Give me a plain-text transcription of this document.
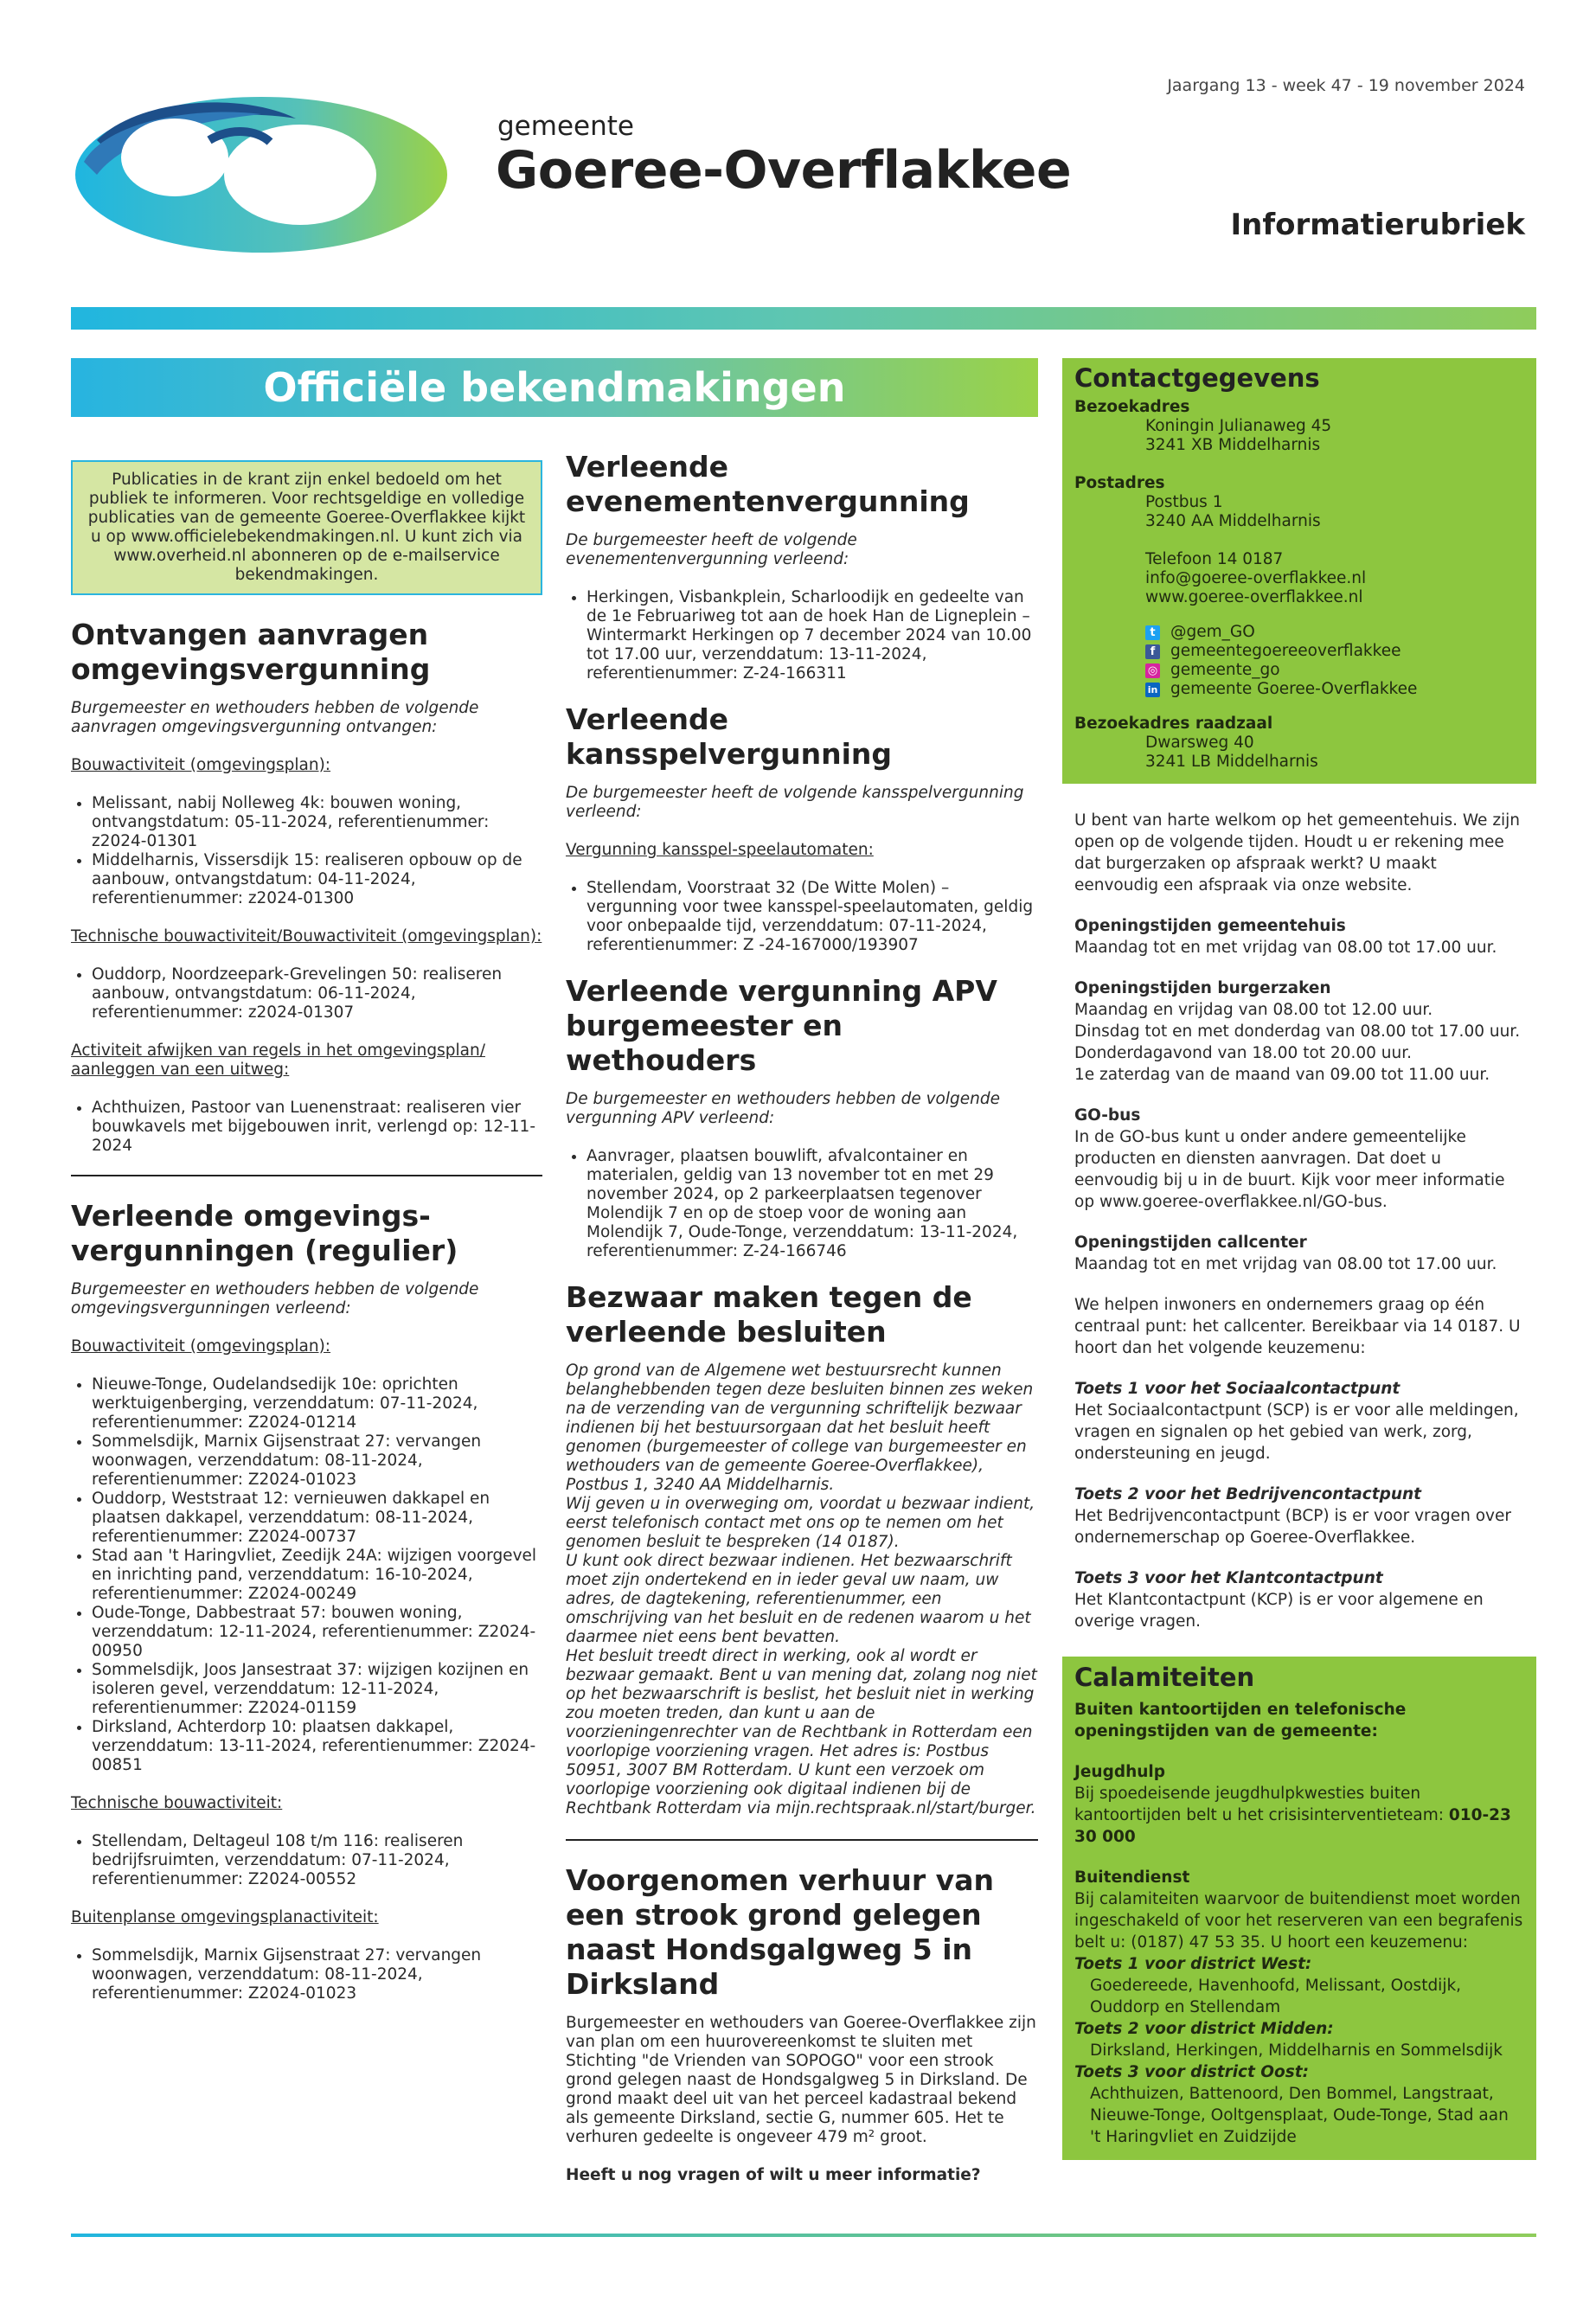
Jaargang 13 - week 47 - 19 november 2024
gemeente
Goeree-Overflakkee
Informatierubriek
Officiële bekendmakingen
Publicaties in de krant zijn enkel bedoeld om het publiek te informeren. Voor rechtsgeldige en volledige publicaties van de gemeente Goeree-Overflakkee kijkt u op www.officielebekendmakingen.nl. U kunt zich via www.overheid.nl abonneren op de e-mailservice bekendmakingen.
Ontvangen aanvragen omgevingsvergunning

Burgemeester en wethouders hebben de volgende aanvragen omgevingsvergunning ontvangen:

Bouwactiviteit (omgevingsplan):

• Melissant, nabij Nolleweg 4k: bouwen woning, ontvangstdatum: 05-11-2024, referentienummer: z2024-01301
• Middelharnis, Vissersdijk 15: realiseren opbouw op de aanbouw, ontvangstdatum: 04-11-2024, referentienummer: z2024-01300

Technische bouwactiviteit/Bouwactiviteit (omgevingsplan):

• Ouddorp, Noordzeepark-Grevelingen 50: realiseren aanbouw, ontvangstdatum: 06-11-2024, referentienummer: z2024-01307

Activiteit afwijken van regels in het omgevingsplan/ aanleggen van een uitweg:

• Achthuizen, Pastoor van Luenenstraat: realiseren vier bouwkavels met bijgebouwen inrit, verlengd op: 12-11-2024
Verleende omgevings-vergunningen (regulier)

Burgemeester en wethouders hebben de volgende omgevingsvergunningen verleend:

Bouwactiviteit (omgevingsplan):

• Nieuwe-Tonge, Oudelandsedijk 10e: oprichten werktuigenberging, verzenddatum: 07-11-2024, referentienummer: Z2024-01214
• Sommelsdijk, Marnix Gijsenstraat 27: vervangen woonwagen, verzenddatum: 08-11-2024, referentienummer: Z2024-01023
• Ouddorp, Weststraat 12: vernieuwen dakkapel en plaatsen dakkapel, verzenddatum: 08-11-2024, referentienummer: Z2024-00737
• Stad aan 't Haringvliet, Zeedijk 24A: wijzigen voorgevel en inrichting pand, verzenddatum: 16-10-2024, referentienummer: Z2024-00249
• Oude-Tonge, Dabbestraat 57: bouwen woning, verzenddatum: 12-11-2024, referentienummer: Z2024-00950
• Sommelsdijk, Joos Jansestraat 37: wijzigen kozijnen en isoleren gevel, verzenddatum: 12-11-2024, referentienummer: Z2024-01159
• Dirksland, Achterdorp 10: plaatsen dakkapel, verzenddatum: 13-11-2024, referentienummer: Z2024-00851

Technische bouwactiviteit:

• Stellendam, Deltageul 108 t/m 116: realiseren bedrijfsruimten, verzenddatum: 07-11-2024, referentienummer: Z2024-00552

Buitenplanse omgevingsplanactiviteit:

• Sommelsdijk, Marnix Gijsenstraat 27: vervangen woonwagen, verzenddatum: 08-11-2024, referentienummer: Z2024-01023
Verleende evenementenvergunning

De burgemeester heeft de volgende evenementenvergunning verleend:

• Herkingen, Visbankplein, Scharloodijk en gedeelte van de 1e Februariweg tot aan de hoek Han de Ligneplein – Wintermarkt Herkingen op 7 december 2024 van 10.00 tot 17.00 uur, verzenddatum: 13-11-2024, referentienummer: Z-24-166311
Verleende kansspelvergunning

De burgemeester heeft de volgende kansspelvergunning verleend:

Vergunning kansspel-speelautomaten:

• Stellendam, Voorstraat 32 (De Witte Molen) – vergunning voor twee kansspel-speelautomaten, geldig voor onbepaalde tijd, verzenddatum: 07-11-2024, referentienummer: Z -24-167000/193907
Verleende vergunning APV burgemeester en wethouders

De burgemeester en wethouders hebben de volgende vergunning APV verleend:

• Aanvrager, plaatsen bouwlift, afvalcontainer en materialen, geldig van 13 november tot en met 29 november 2024, op 2 parkeerplaatsen tegenover Molendijk 7 en op de stoep voor de woning aan Molendijk 7, Oude-Tonge, verzenddatum: 13-11-2024, referentienummer: Z-24-166746
Bezwaar maken tegen de verleende besluiten
Op grond van de Algemene wet bestuursrecht kunnen belanghebbenden tegen deze besluiten binnen zes weken na de verzending van de vergunning schriftelijk bezwaar indienen bij het bestuursorgaan dat het besluit heeft genomen (burgemeester of college van burgemeester en wethouders van de gemeente Goeree-Overflakkee), Postbus 1, 3240 AA Middelharnis.
Wij geven u in overweging om, voordat u bezwaar indient, eerst telefonisch contact met ons op te nemen om het genomen besluit te bespreken (14 0187).
U kunt ook direct bezwaar indienen. Het bezwaarschrift moet zijn ondertekend en in ieder geval uw naam, uw adres, de dagtekening, referentienummer, een omschrijving van het besluit en de redenen waarom u het daarmee niet eens bent bevatten.
Het besluit treedt direct in werking, ook al wordt er bezwaar gemaakt. Bent u van mening dat, zolang nog niet op het bezwaarschrift is beslist, het besluit niet in werking zou moeten treden, dan kunt u aan de voorzieningenrechter van de Rechtbank in Rotterdam een voorlopige voorziening vragen. Het adres is: Postbus 50951, 3007 BM Rotterdam. U kunt een verzoek om voorlopige voorziening ook digitaal indienen bij de Rechtbank Rotterdam via mijn.rechtspraak.nl/start/burger.
Voorgenomen verhuur van een strook grond gelegen naast Hondsgalgweg 5 in Dirksland

Burgemeester en wethouders van Goeree-Overflakkee zijn van plan om een huurovereenkomst te sluiten met Stichting "de Vrienden van SOPOGO" voor een strook grond gelegen naast de Hondsgalgweg 5 in Dirksland. De grond maakt deel uit van het perceel kadastraal bekend als gemeente Dirksland, sectie G, nummer 605. Het te verhuren gedeelte is ongeveer 479 m² groot.

Heeft u nog vragen of wilt u meer informatie?

Contactgegevens
Bezoekadres
Koningin Julianaweg 45
3241 XB Middelharnis
Postadres
Postbus 1
3240 AA Middelharnis
Telefoon 14 0187
info@goeree-overflakkee.nl
www.goeree-overflakkee.nl
t @gem_GO
f gemeentegoereeoverflakkee
◎ gemeente_go
in gemeente Goeree-Overflakkee
Bezoekadres raadzaal
Dwarsweg 40
3241 LB Middelharnis

U bent van harte welkom op het gemeentehuis. We zijn open op de volgende tijden. Houdt u er rekening mee dat burgerzaken op afspraak werkt? U maakt eenvoudig een afspraak via onze website.

Openingstijden gemeentehuis

Maandag tot en met vrijdag van 08.00 tot 17.00 uur.

Openingstijden burgerzaken
Maandag en vrijdag van 08.00 tot 12.00 uur.
Dinsdag tot en met donderdag van 08.00 tot 17.00 uur.
Donderdagavond van 18.00 tot 20.00 uur.

1e zaterdag van de maand van 09.00 tot 11.00 uur.

GO-bus

In de GO-bus kunt u onder andere gemeentelijke producten en diensten aanvragen. Dat doet u eenvoudig bij u in de buurt. Kijk voor meer informatie op www.goeree-overflakkee.nl/GO-bus.

Openingstijden callcenter

Maandag tot en met vrijdag van 08.00 tot 17.00 uur.

We helpen inwoners en ondernemers graag op één centraal punt: het callcenter. Bereikbaar via 14 0187. U hoort dan het volgende keuzemenu:

Toets 1 voor het Sociaalcontactpunt

Het Sociaalcontactpunt (SCP) is er voor alle meldingen, vragen en signalen op het gebied van werk, zorg, ondersteuning en jeugd.

Toets 2 voor het Bedrijvencontactpunt

Het Bedrijvencontactpunt (BCP) is er voor vragen over ondernemerschap op Goeree-Overflakkee.

Toets 3 voor het Klantcontactpunt

Het Klantcontactpunt (KCP) is er voor algemene en overige vragen.

Calamiteiten

Buiten kantoortijden en telefonische openingstijden van de gemeente:

Jeugdhulp

Bij spoedeisende jeugdhulpkwesties buiten kantoortijden belt u het crisisinterventieteam: 010-23 30 000

Buitendienst
Bij calamiteiten waarvoor de buitendienst moet worden ingeschakeld of voor het reserveren van een begrafenis belt u: (0187) 47 53 35. U hoort een keuzemenu:
Toets 1 voor district West:
Goedereede, Havenhoofd, Melissant, Oostdijk, Ouddorp en Stellendam
Toets 2 voor district Midden:
Dirksland, Herkingen, Middelharnis en Sommelsdijk
Toets 3 voor district Oost:
Achthuizen, Battenoord, Den Bommel, Langstraat, Nieuwe-Tonge, Ooltgensplaat, Oude-Tonge, Stad aan 't Haringvliet en Zuidzijde
